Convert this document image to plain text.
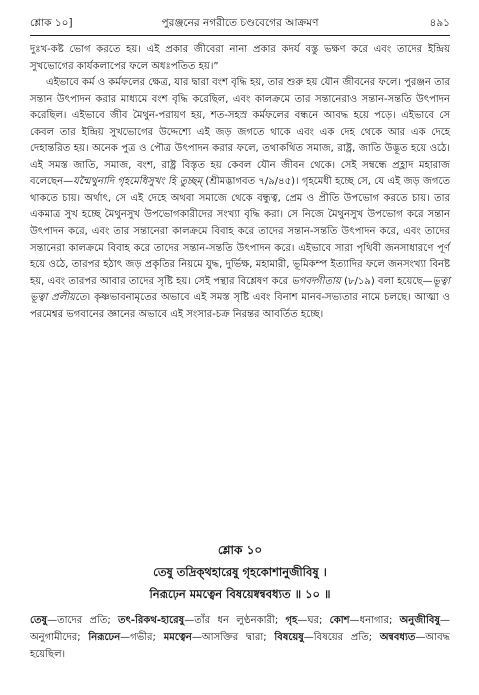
শ্লোক ১০]	পুরঞ্জনের নগরীতে চণ্ডবেগের আক্রমণ	৪৯১

দুঃখ-কষ্ট ভোগ করতে হয়। এই প্রকার জীবেরা নানা প্রকার কদর্য বস্তু ভক্ষণ করে এবং তাদের ইন্দ্রিয় সুখভোগের কার্যকলাপের ফলে অধঃপতিত হয়।”

এইভাবে কর্ম ও কর্মফলের ক্ষেত্র, যার দ্বারা বংশ বৃদ্ধি হয়, তার শুরু হয় যৌন জীবনের ফলে। পুরঞ্জন তার সন্তান উৎপাদন করার মাধ্যমে বংশ বৃদ্ধি করেছিল, এবং কালক্রমে তার সন্তানেরাও সন্তান-সন্ততি উৎপাদন করেছিল। এইভাবে জীব মৈথুন-পরায়ণ হয়, শত-সহস্র কর্মফলের বন্ধনে আবদ্ধ হয়ে পড়ে। এইভাবে সে কেবল তার ইন্দ্রিয় সুখভোগের উদ্দেশ্যে এই জড় জগতে থাকে এবং এক দেহ থেকে আর এক দেহে দেহান্তরিত হয়। অনেক পুত্র ও পৌত্র উৎপাদন করার ফলে, তথাকথিত সমাজ, রাষ্ট্র, জাতি উদ্ভূত হয়ে ওঠে। এই সমস্ত জাতি, সমাজ, বংশ, রাষ্ট্র বিস্তৃত হয় কেবল যৌন জীবন থেকে। সেই সম্বন্ধে প্রহ্লাদ মহারাজ বলেছেন—যন্মৈথুনাদি গৃহমেধিসুখং হি তুচ্ছম্ (শ্রীমদ্ভাগবত ৭/৯/৪৫)। গৃহমেধী হচ্ছে সে, যে এই জড় জগতে থাকতে চায়। অর্থাৎ, সে এই দেহে অথবা সমাজে থেকে বন্ধুত্ব, প্রেম ও প্রীতি উপভোগ করতে চায়। তার একমাত্র সুখ হচ্ছে মৈথুনসুখ উপভোগকারীদের সংখ্যা বৃদ্ধি করা। সে নিজে মৈথুনসুখ উপভোগ করে সন্তান উৎপাদন করে, এবং তার সন্তানেরা কালক্রমে বিবাহ করে তাদের সন্তান-সন্ততি উৎপাদন করে, এবং তাদের সন্তানেরা কালক্রমে বিবাহ করে তাদের সন্তান-সন্ততি উৎপাদন করে। এইভাবে সারা পৃথিবী জনসাধারণে পূর্ণ হয়ে ওঠে, তারপর হঠাৎ জড় প্রকৃতির নিয়মে যুদ্ধ, দুর্ভিক্ষ, মহামারী, ভূমিকম্প ইত্যাদির ফলে জনসংখ্যা বিনষ্ট হয়, এবং তারপর আবার তাদের সৃষ্টি হয়। সেই পন্থার বিশ্লেষণ করে ভগবদ্গীতায় (৮/১৯) বলা হয়েছে—ভূত্বা ভূত্বা প্রলীয়তে। কৃষ্ণভাবনামৃতের অভাবে এই সমস্ত সৃষ্টি এবং বিনাশ মানব-সভ্যতার নামে চলছে। আত্মা ও পরমেশ্বর ভগবানের জ্ঞানের অভাবে এই সংসার-চক্র নিরন্তর আবর্তিত হচ্ছে।

শ্লোক ১০
তেষু তদ্রিক্থহারেষু গৃহকোশানুজীবিষু ।
নিরূঢ়েন মমত্বেন বিষয়েষ্বন্ববধ্যত ॥ ১০ ॥
তেষু—তাদের প্রতি; তৎ-রিকথ-হারেষু—তাঁর ধন লুণ্ঠনকারী; গৃহ—ঘর; কোশ—ধনাগার; অনুজীবিষু—অনুগামীদের; নিরূঢেন—গভীর; মমত্বেন—আসক্তির দ্বারা; বিষয়েষু—বিষয়ের প্রতি; অন্ববধ্যত—আবদ্ধ হয়েছিল।
